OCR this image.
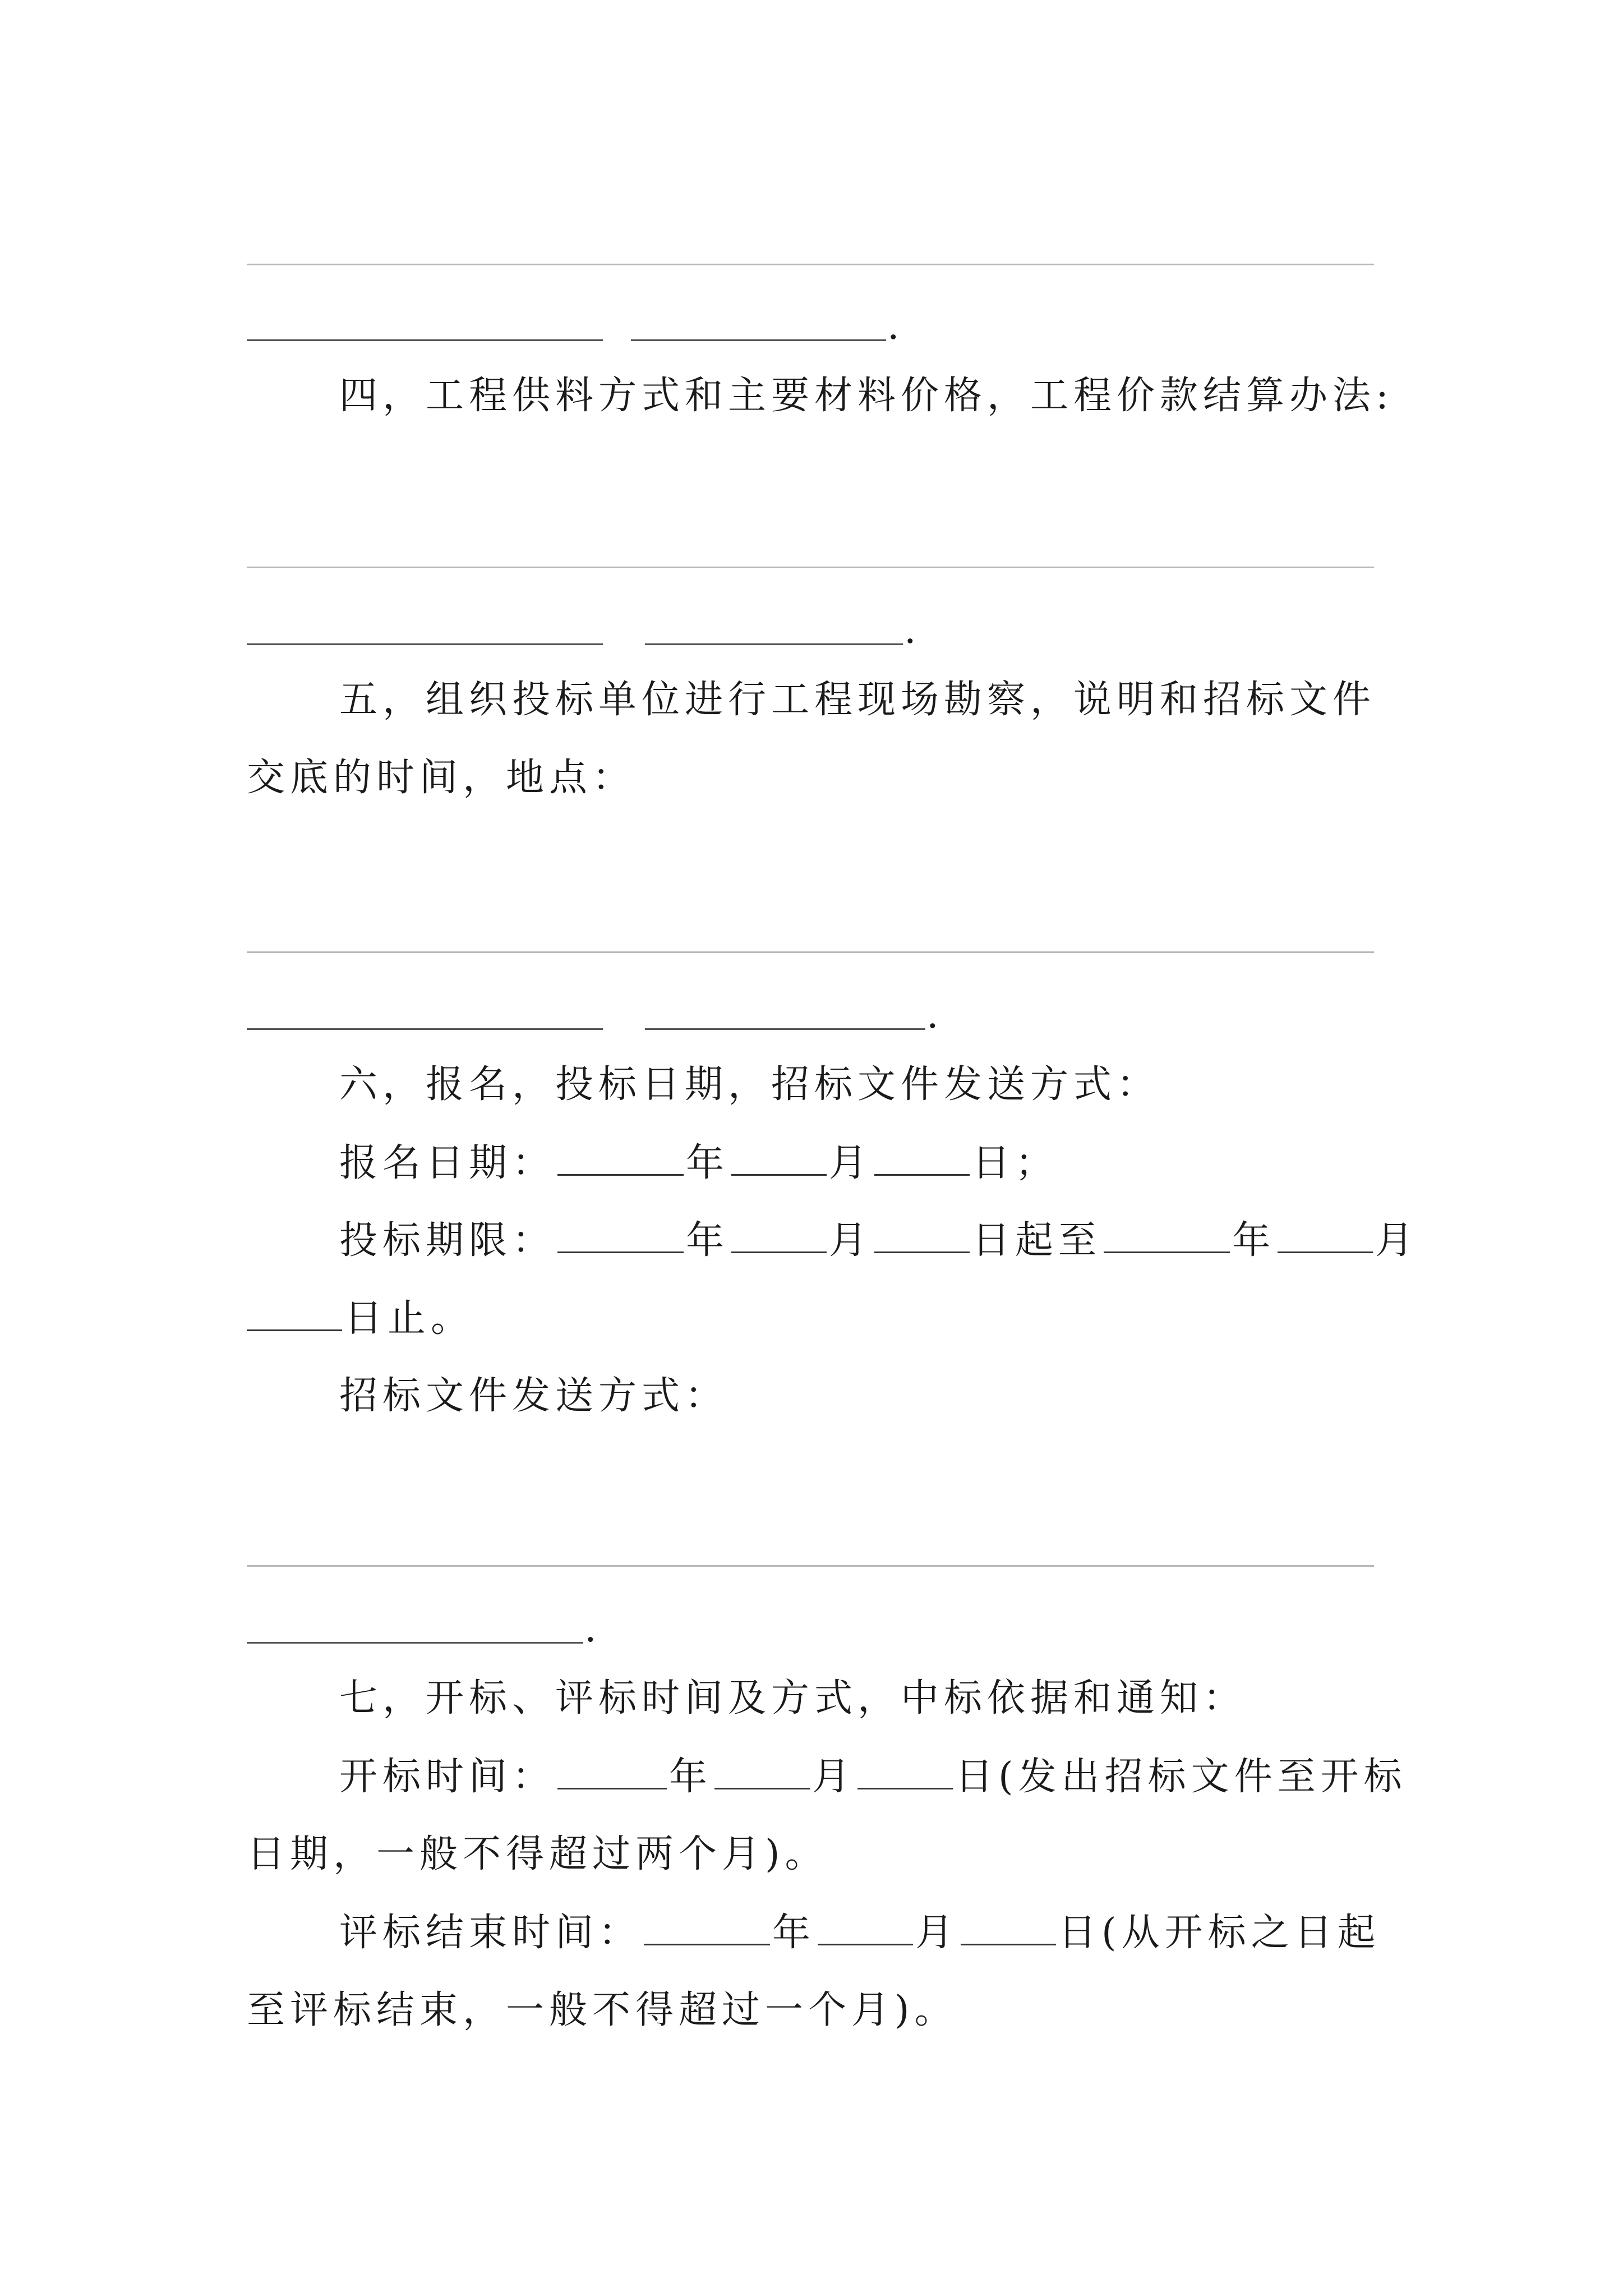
.
四，工程供料方式和主要材料价格，工程价款结算办法:
.
五，组织投标单位进行工程现场勘察，说明和招标文件
交底的时间，地点：
.
六，报名，投标日期，招标文件发送方式：
报名日期：	年	月	日；
投标期限：	年	月	日起至	年	月
日止。
招标文件发送方式：
.
七，开标、评标时间及方式，中标依据和通知：
开标时间：	年	月	日(发出招标文件至开标
日期，一般不得超过两个月)。
评标结束时间：	年	月	日(从开标之日起
至评标结束，一般不得超过一个月)。
